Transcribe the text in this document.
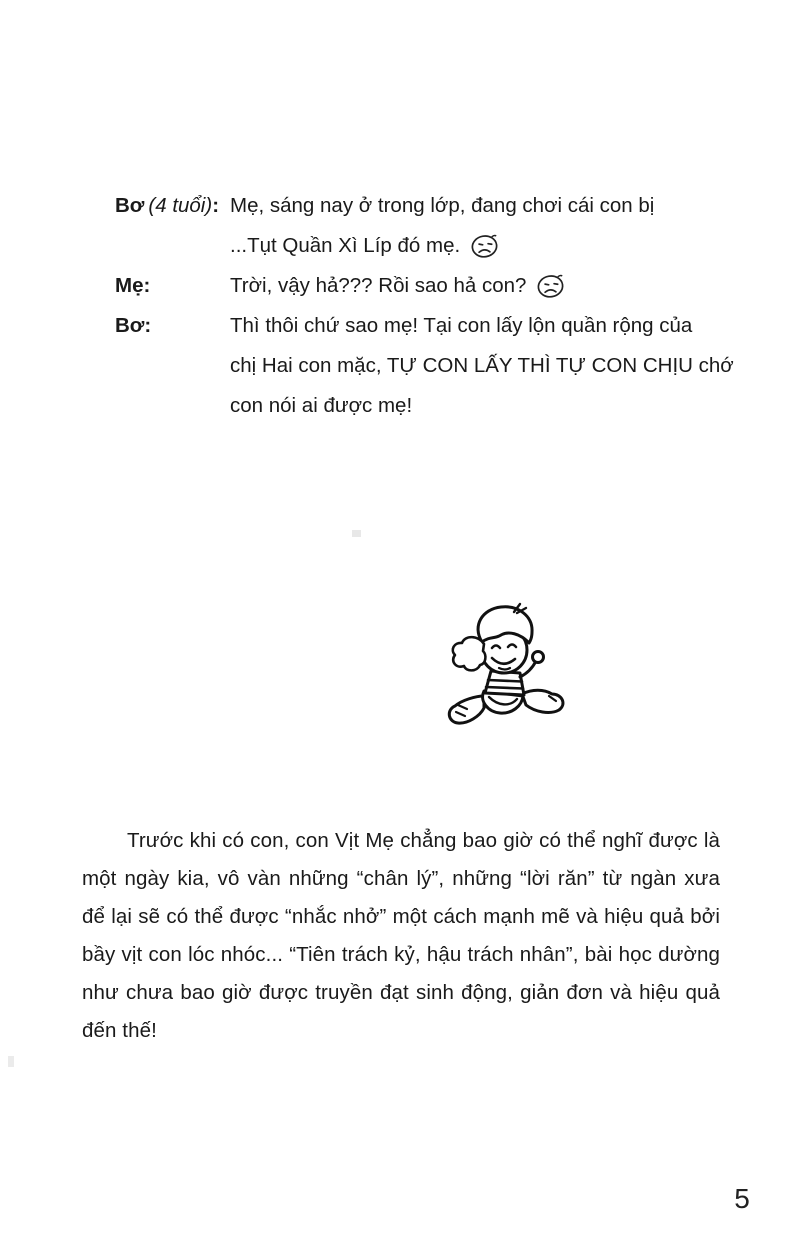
Bơ (4 tuổi): Mẹ, sáng nay ở trong lớp, đang chơi cái con bị
...Tụt Quần Xì Líp đó mẹ.
Mẹ:	Trời, vậy hả??? Rồi sao hả con?
Bơ:	Thì thôi chứ sao mẹ! Tại con lấy lộn quần rộng của
chị Hai con mặc, TỰ CON LẤY THÌ TỰ CON CHỊU chớ
con nói ai được mẹ!
Trước khi có con, con Vịt Mẹ chẳng bao giờ có thể nghĩ được là một ngày kia, vô vàn những “chân lý”, những “lời răn” từ ngàn xưa để lại sẽ có thể được “nhắc nhở” một cách mạnh mẽ và hiệu quả bởi bầy vịt con lóc nhóc... “Tiên trách kỷ, hậu trách nhân”, bài học dường như chưa bao giờ được truyền đạt sinh động, giản đơn và hiệu quả đến thế!
5
